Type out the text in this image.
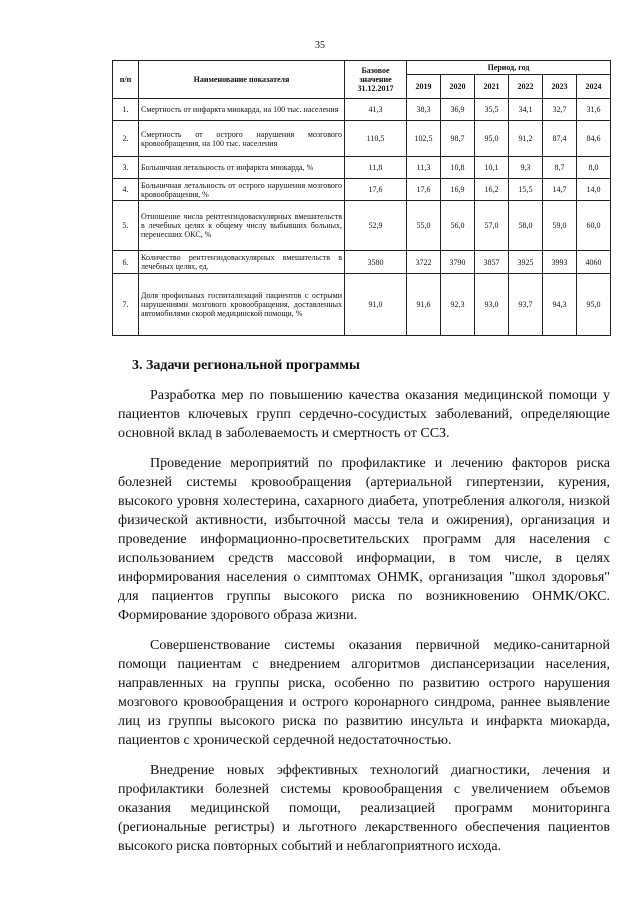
35
п/п	Наименование показателя	Базовое значение 31.12.2017	Период, год					
			2019	2020	2021	2022	2023	2024
1.	Смертность от инфаркта миокарда, на 100 тыс. населения	41,3	38,3	36,9	35,5	34,1	32,7	31,6
2.	Смертность от острого нарушения мозгового кровообращения, на 100 тыс. населения	110,5	102,5	98,7	95,0	91,2	87,4	84,6
3.	Больничная летальность от инфаркта миокарда, %	11,8	11,3	10,8	10,1	9,3	8,7	8,0
4.	Больничная летальность от острого нарушения мозгового кровообращения, %	17,6	17,6	16,9	16,2	15,5	14,7	14,0
5.	Отношение числа рентгенэндоваскулярных вмешательств в лечебных целях к общему числу выбывших больных, перенесших ОКС, %	52,9	55,0	56,0	57,0	58,0	59,0	60,0
6.	Количество рентгенэндоваскулярных вмешательств в лечебных целях, ед.	3580	3722	3790	3857	3925	3993	4060
7.	Доля профильных госпитализаций пациентов с острыми нарушениями мозгового кровообращения, доставленных автомобилями скорой медицинской помощи, %	91,0	91,6	92,3	93,0	93,7	94,3	95,0
3. Задачи региональной программы

Разработка мер по повышению качества оказания медицинской помощи у пациентов ключевых групп сердечно-сосудистых заболеваний, определяющие основной вклад в заболеваемость и смертность от ССЗ.

Проведение мероприятий по профилактике и лечению факторов риска болезней системы кровообращения (артериальной гипертензии, курения, высокого уровня холестерина, сахарного диабета, употребления алкоголя, низкой физической активности, избыточной массы тела и ожирения), организация и проведение информационно-просветительских программ для населения с использованием средств массовой информации, в том числе, в целях информирования населения о симптомах ОНМК, организация "школ здоровья" для пациентов группы высокого риска по возникновению ОНМК/ОКС. Формирование здорового образа жизни.

Совершенствование системы оказания первичной медико-санитарной помощи пациентам с внедрением алгоритмов диспансеризации населения, направленных на группы риска, особенно по развитию острого нарушения мозгового кровообращения и острого коронарного синдрома, раннее выявление лиц из группы высокого риска по развитию инсульта и инфаркта миокарда, пациентов с хронической сердечной недостаточностью.

Внедрение новых эффективных технологий диагностики, лечения и профилактики болезней системы кровообращения с увеличением объемов оказания медицинской помощи, реализацией программ мониторинга (региональные регистры) и льготного лекарственного обеспечения пациентов высокого риска повторных событий и неблагоприятного исхода.
